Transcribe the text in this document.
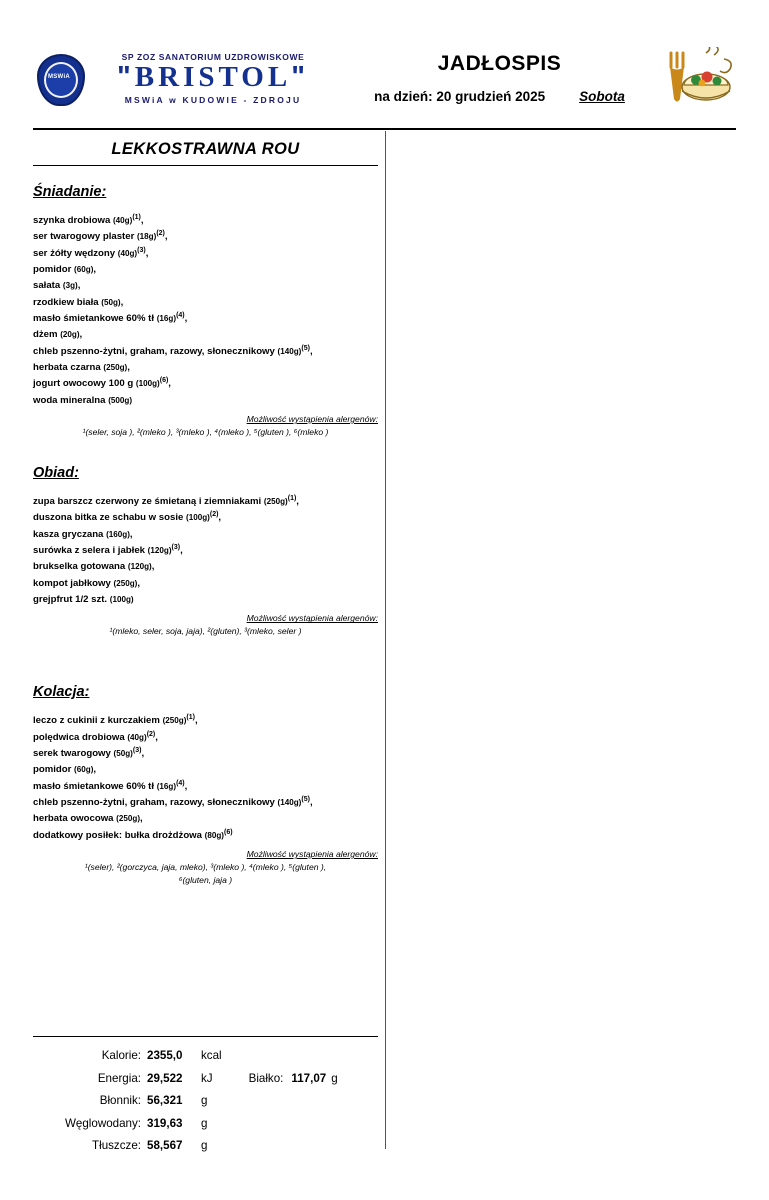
MSWiA
SP ZOZ SANATORIUM UZDROWISKOWE
"BRISTOL"
MSWiA w KUDOWIE - ZDROJU
JADŁOSPIS
na dzień: 20 grudzień 2025	Sobota
LEKKOSTRAWNA ROU
Śniadanie:
szynka drobiowa $(40g)^{(1)}$,
ser twarogowy plaster $(18g)^{(2)}$,
ser żółty wędzony $(40g)^{(3)}$,
pomidor (60g),
sałata (3g),
rzodkiew biała (50g),
masło śmietankowe 60% tł $(16g)^{(4)}$,
dżem (20g),
chleb pszenno-żytni, graham, razowy, słonecznikowy $(140g)^{(5)}$,
herbata czarna (250g),
jogurt owocowy 100 g $(100g)^{(6)}$,
woda mineralna (500g)
Możliwość wystąpienia alergenów:
¹(seler, soja ), ²(mleko ), ³(mleko ), ⁴(mleko ), ⁵(gluten ), ⁶(mleko )
Obiad:
zupa barszcz czerwony ze śmietaną i ziemniakami $(250g)^{(1)}$,
duszona bitka ze schabu w sosie $(100g)^{(2)}$,
kasza gryczana (160g),
surówka z selera i jabłek $(120g)^{(3)}$,
brukselka gotowana (120g),
kompot jabłkowy (250g),
grejpfrut 1/2 szt. (100g)
Możliwość wystąpienia alergenów:
¹(mleko, seler, soja, jaja), ²(gluten), ³(mleko, seler )
Kolacja:
leczo z cukinii z kurczakiem $(250g)^{(1)}$,
polędwica drobiowa $(40g)^{(2)}$,
serek twarogowy $(50g)^{(3)}$,
pomidor (60g),
masło śmietankowe 60% tł $(16g)^{(4)}$,
chleb pszenno-żytni, graham, razowy, słonecznikowy $(140g)^{(5)}$,
herbata owocowa (250g),
dodatkowy posiłek: bułka drożdżowa $(80g)^{(6)}$
Możliwość wystąpienia alergenów:
¹(seler), ²(gorczyca, jaja, mleko), ³(mleko ), ⁴(mleko ), ⁵(gluten ),
⁶(gluten, jaja )
Kalorie: 2355,0	kcal
Energia: 29,522	kJ	Białko: 117,07 g
Błonnik: 56,321	g
Węglowodany: 319,63	g
Tłuszcze: 58,567	g
